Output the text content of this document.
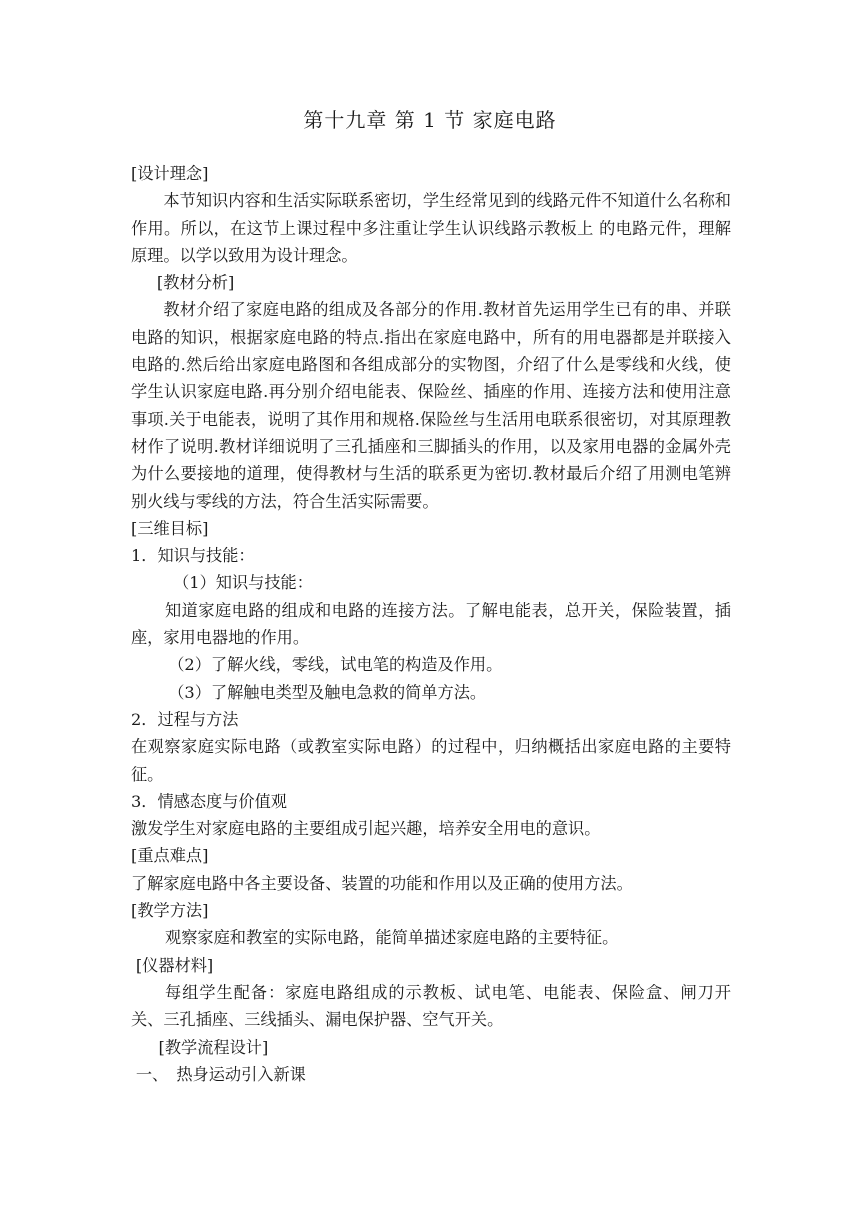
第十九章 第 1 节 家庭电路

[设计理念]

本节知识内容和生活实际联系密切，学生经常见到的线路元件不知道什么名称和作用。所以，在这节上课过程中多注重让学生认识线路示教板上 的电路元件，理解原理。以学以致用为设计理念。

[教材分析]

教材介绍了家庭电路的组成及各部分的作用.教材首先运用学生已有的串、并联电路的知识，根据家庭电路的特点.指出在家庭电路中，所有的用电器都是并联接入电路的.然后给出家庭电路图和各组成部分的实物图，介绍了什么是零线和火线，使学生认识家庭电路.再分别介绍电能表、保险丝、插座的作用、连接方法和使用注意事项.关于电能表，说明了其作用和规格.保险丝与生活用电联系很密切，对其原理教材作了说明.教材详细说明了三孔插座和三脚插头的作用，以及家用电器的金属外壳为什么要接地的道理，使得教材与生活的联系更为密切.教材最后介绍了用测电笔辨别火线与零线的方法，符合生活实际需要。

[三维目标]

1．知识与技能：

（1）知识与技能：

知道家庭电路的组成和电路的连接方法。了解电能表，总开关，保险装置，插座，家用电器地的作用。

（2）了解火线，零线，试电笔的构造及作用。

（3）了解触电类型及触电急救的简单方法。

2．过程与方法

在观察家庭实际电路（或教室实际电路）的过程中，归纳概括出家庭电路的主要特征。

3．情感态度与价值观

激发学生对家庭电路的主要组成引起兴趣，培养安全用电的意识。

[重点难点]

了解家庭电路中各主要设备、装置的功能和作用以及正确的使用方法。

[教学方法]

观察家庭和教室的实际电路，能简单描述家庭电路的主要特征。

[仪器材料]

每组学生配备：家庭电路组成的示教板、试电笔、电能表、保险盒、闸刀开关、三孔插座、三线插头、漏电保护器、空气开关。

[教学流程设计]

一、　热身运动引入新课
